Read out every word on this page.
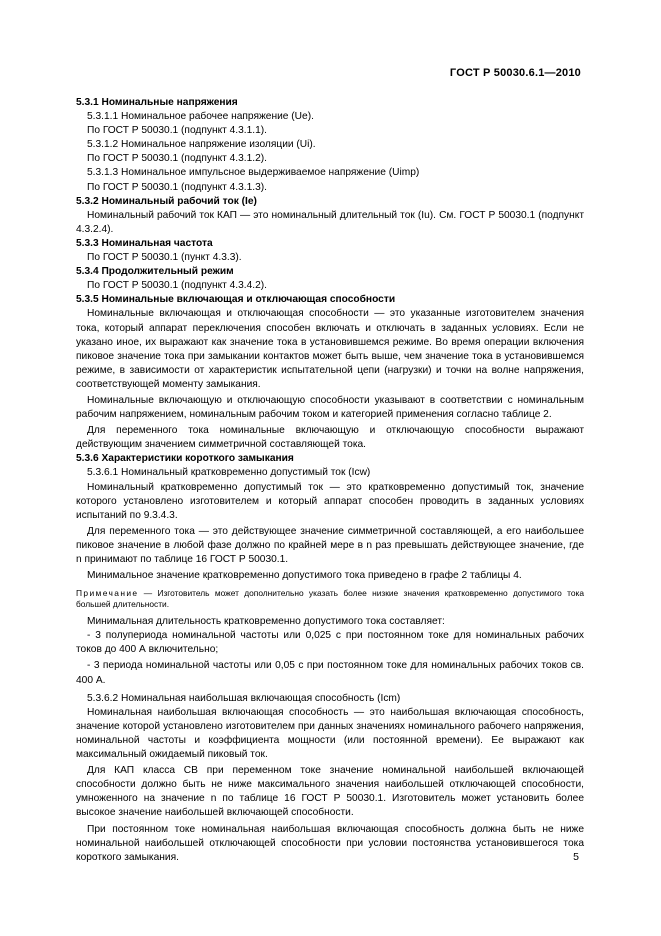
ГОСТ Р 50030.6.1—2010

5.3.1 Номинальные напряжения

5.3.1.1 Номинальное рабочее напряжение (Ue).

По ГОСТ Р 50030.1 (подпункт 4.3.1.1).

5.3.1.2 Номинальное напряжение изоляции (Ui).

По ГОСТ Р 50030.1 (подпункт 4.3.1.2).

5.3.1.3 Номинальное импульсное выдерживаемое напряжение (Uimp)

По ГОСТ Р 50030.1 (подпункт 4.3.1.3).

5.3.2 Номинальный рабочий ток (Ie)

Номинальный рабочий ток КАП — это номинальный длительный ток (Iu). См. ГОСТ Р 50030.1 (подпункт 4.3.2.4).

5.3.3 Номинальная частота

По ГОСТ Р 50030.1 (пункт 4.3.3).

5.3.4 Продолжительный режим

По ГОСТ Р 50030.1 (подпункт 4.3.4.2).

5.3.5 Номинальные включающая и отключающая способности

Номинальные включающая и отключающая способности — это указанные изготовителем значения тока, который аппарат переключения способен включать и отключать в заданных условиях. Если не указано иное, их выражают как значение тока в установившемся режиме. Во время операции включения пиковое значение тока при замыкании контактов может быть выше, чем значение тока в установившемся режиме, в зависимости от характеристик испытательной цепи (нагрузки) и точки на волне напряжения, соответствующей моменту замыкания.

Номинальные включающую и отключающую способности указывают в соответствии с номинальным рабочим напряжением, номинальным рабочим током и категорией применения согласно таблице 2.

Для переменного тока номинальные включающую и отключающую способности выражают действующим значением симметричной составляющей тока.

5.3.6 Характеристики короткого замыкания

5.3.6.1 Номинальный кратковременно допустимый ток (Icw)

Номинальный кратковременно допустимый ток — это кратковременно допустимый ток, значение которого установлено изготовителем и который аппарат способен проводить в заданных условиях испытаний по 9.3.4.3.

Для переменного тока — это действующее значение симметричной составляющей, а его наибольшее пиковое значение в любой фазе должно по крайней мере в n раз превышать действующее значение, где n принимают по таблице 16 ГОСТ Р 50030.1.

Минимальное значение кратковременно допустимого тока приведено в графе 2 таблицы 4.

Примечание — Изготовитель может дополнительно указать более низкие значения кратковременно допустимого тока большей длительности.

Минимальная длительность кратковременно допустимого тока составляет:

- 3 полупериода номинальной частоты или 0,025 с при постоянном токе для номинальных рабочих токов до 400 А включительно;

- 3 периода номинальной частоты или 0,05 с при постоянном токе для номинальных рабочих токов св. 400 А.

5.3.6.2 Номинальная наибольшая включающая способность (Icm)

Номинальная наибольшая включающая способность — это наибольшая включающая способность, значение которой установлено изготовителем при данных значениях номинального рабочего напряжения, номинальной частоты и коэффициента мощности (или постоянной времени). Ее выражают как максимальный ожидаемый пиковый ток.

Для КАП класса СВ при переменном токе значение номинальной наибольшей включающей способности должно быть не ниже максимального значения наибольшей отключающей способности, умноженного на значение n по таблице 16 ГОСТ Р 50030.1. Изготовитель может установить более высокое значение наибольшей включающей способности.

При постоянном токе номинальная наибольшая включающая способность должна быть не ниже номинальной наибольшей отключающей способности при условии постоянства установившегося тока короткого замыкания.	5
